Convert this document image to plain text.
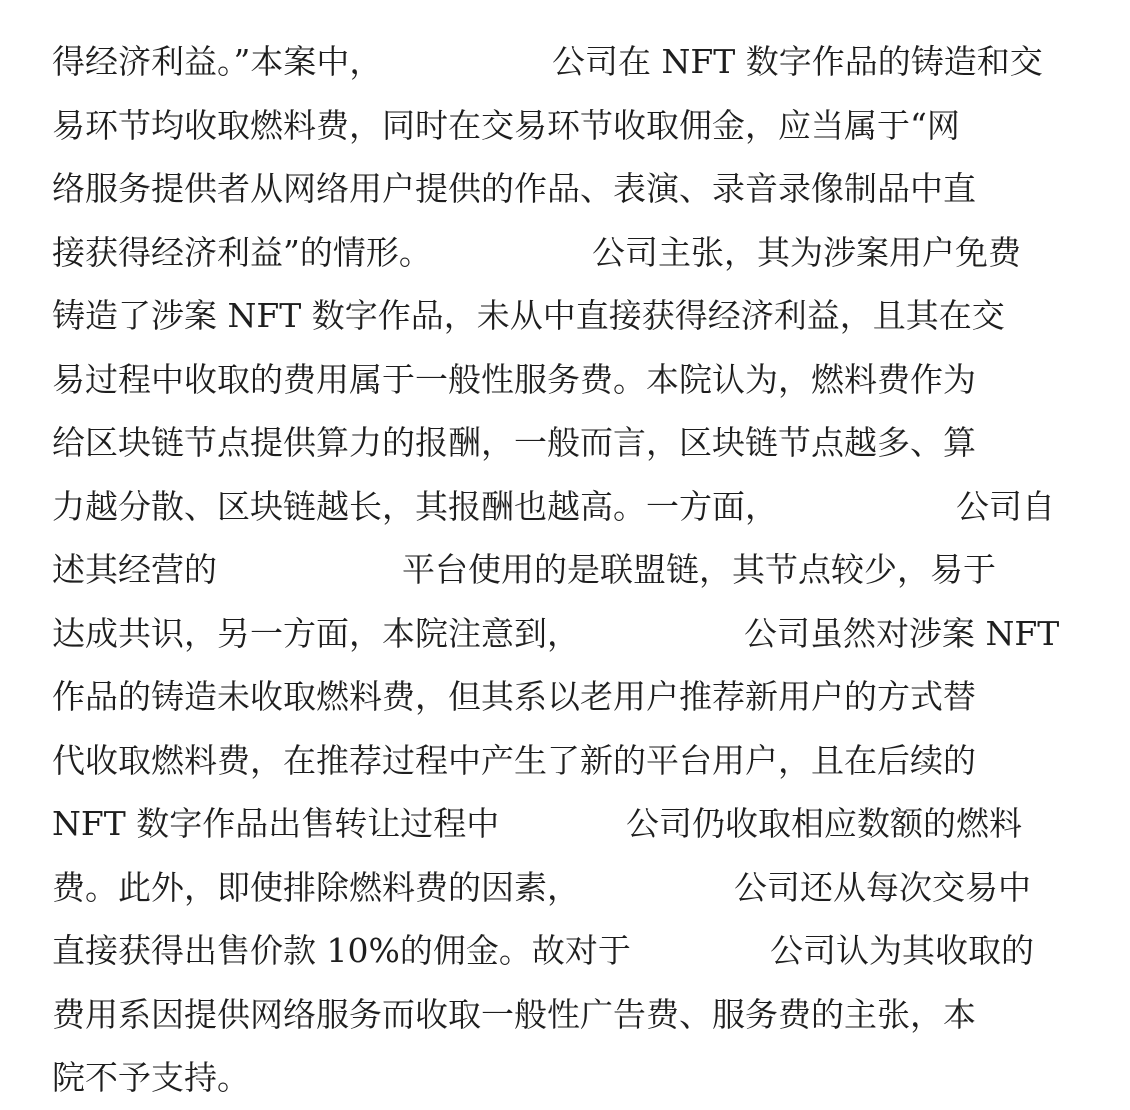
得经济利益。”本案中，	公司在 NFT 数字作品的铸造和交
易环节均收取燃料费，同时在交易环节收取佣金，应当属于“网
络服务提供者从网络用户提供的作品、表演、录音录像制品中直
接获得经济利益”的情形。	公司主张，其为涉案用户免费
铸造了涉案 NFT 数字作品，未从中直接获得经济利益，且其在交
易过程中收取的费用属于一般性服务费。本院认为，燃料费作为
给区块链节点提供算力的报酬，一般而言，区块链节点越多、算
力越分散、区块链越长，其报酬也越高。一方面，	公司自
述其经营的	平台使用的是联盟链，其节点较少，易于
达成共识，另一方面，本院注意到，	公司虽然对涉案 NFT
作品的铸造未收取燃料费，但其系以老用户推荐新用户的方式替
代收取燃料费，在推荐过程中产生了新的平台用户，且在后续的
NFT 数字作品出售转让过程中	公司仍收取相应数额的燃料
费。此外，即使排除燃料费的因素，	公司还从每次交易中
直接获得出售价款 10%的佣金。故对于	公司认为其收取的
费用系因提供网络服务而收取一般性广告费、服务费的主张，本
院不予支持。
